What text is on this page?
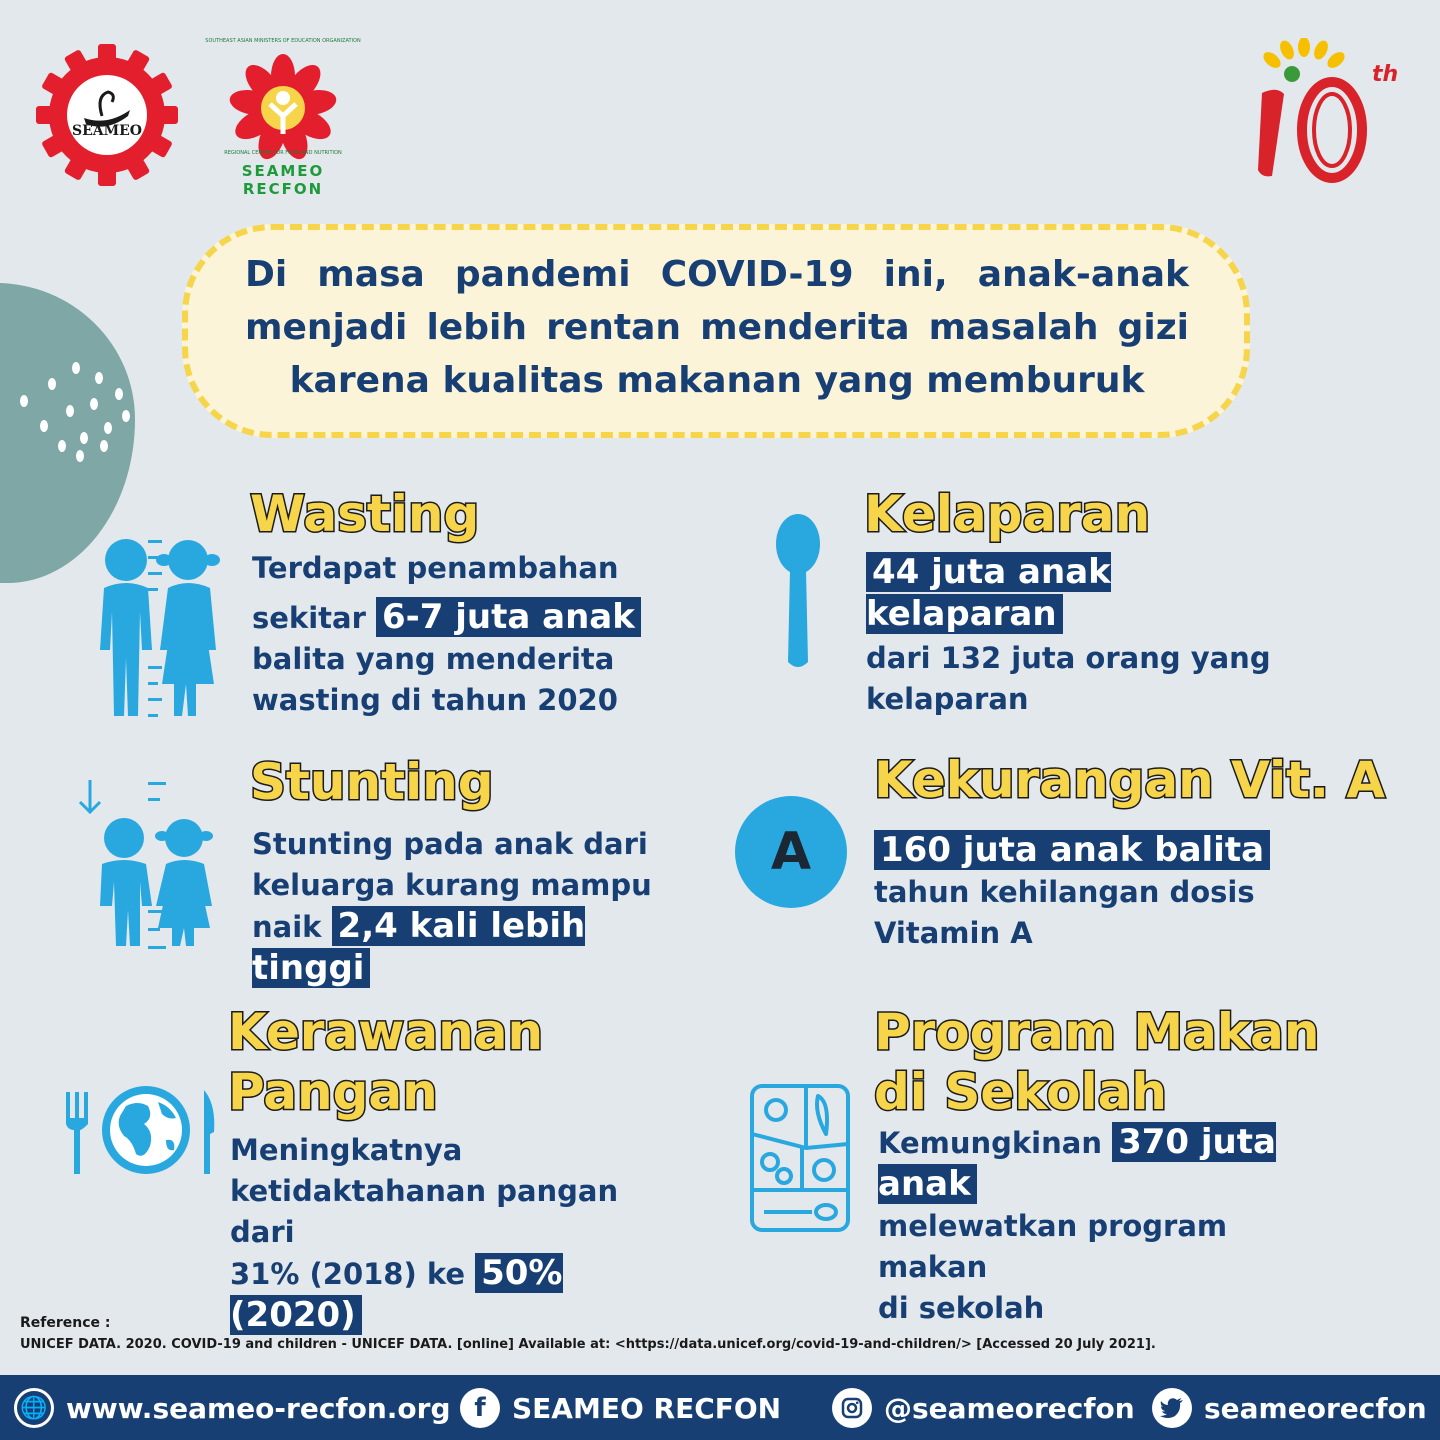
SEAMEO
SOUTHEAST ASIAN MINISTERS OF EDUCATION ORGANIZATION
REGIONAL CENTRE FOR FOOD AND NUTRITION
SEAMEO RECFON
th
Di masa pandemi COVID-19 ini, anak-anak menjadi lebih rentan menderita masalah gizi karena kualitas makanan yang memburuk
Wasting
Terdapat penambahan
sekitar 6-7 juta anak
balita yang menderita
wasting di tahun 2020
Kelaparan
44 juta anak kelaparan
dari 132 juta orang yang
kelaparan
Stunting
Stunting pada anak dari
keluarga kurang mampu
naik 2,4 kali lebih tinggi
A
Kekurangan Vit. A
160 juta anak balita
tahun kehilangan dosis
Vitamin A
Kerawanan
Pangan
Meningkatnya
ketidaktahanan pangan dari
31% (2018) ke 50% (2020)
Program Makan
di Sekolah
Kemungkinan 370 juta anak
melewatkan program makan
di sekolah
Reference :
UNICEF DATA. 2020. COVID-19 and children - UNICEF DATA. [online] Available at: <https://data.unicef.org/covid-19-and-children/> [Accessed 20 July 2021].
🌐 www.seameo-recfon.org f SEAMEO RECFON	@seameorecfon seameorecfon
